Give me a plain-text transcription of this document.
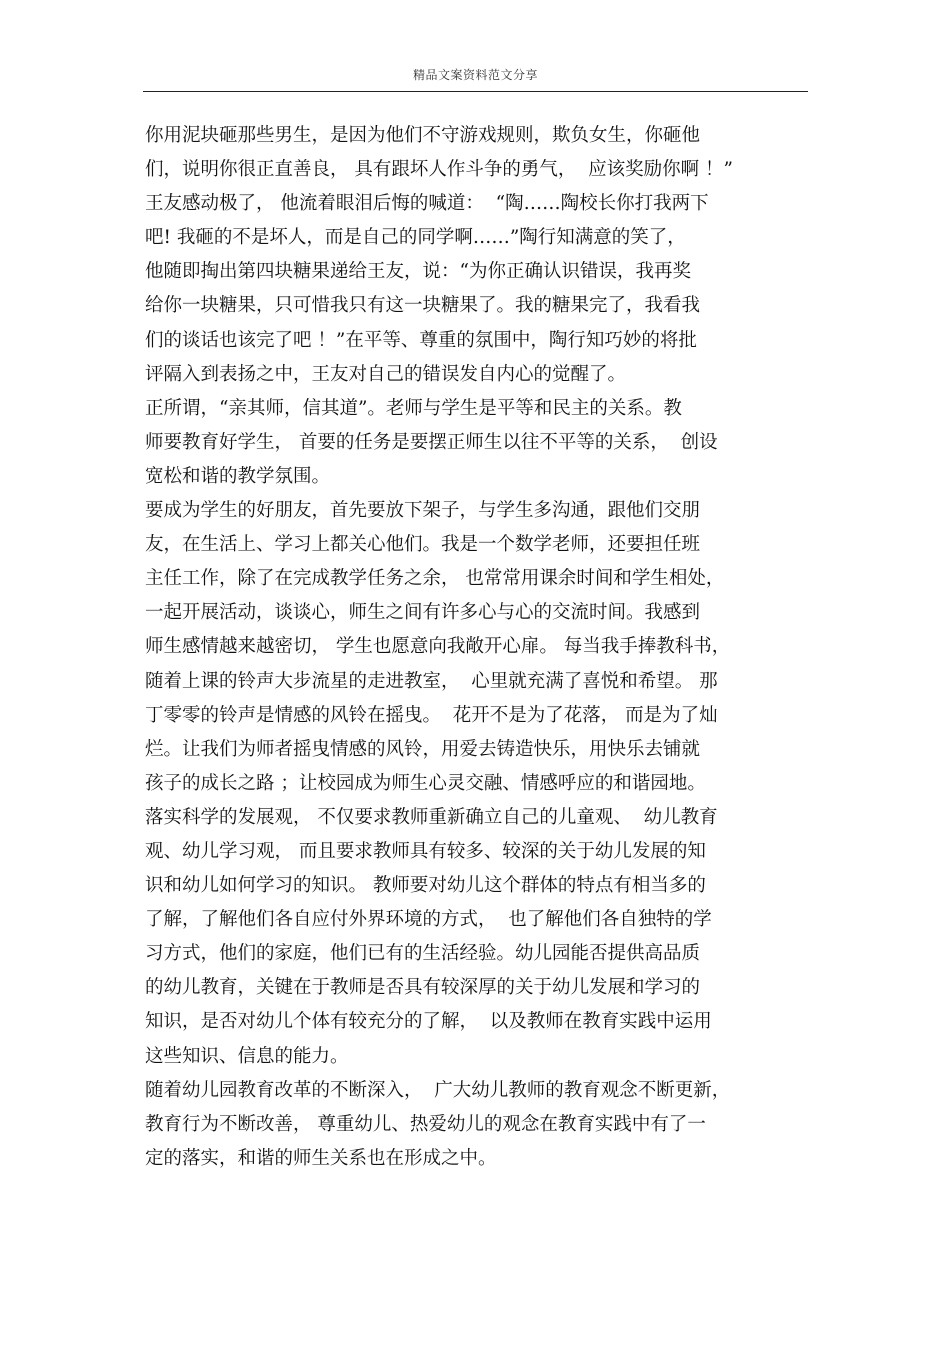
精品文案资料范文分享
你用泥块砸那些男生，是因为他们不守游戏规则，欺负女生，你砸他
们，说明你很正直善良， 具有跟坏人作斗争的勇气，  应该奖励你啊 ！”
王友感动极了， 他流着眼泪后悔的喊道：  “陶……陶校长你打我两下
吧! 我砸的不是坏人，而是自己的同学啊……”陶行知满意的笑了，
他随即掏出第四块糖果递给王友，说：“为你正确认识错误，我再奖
给你一块糖果，只可惜我只有这一块糖果了。我的糖果完了，我看我
们的谈话也该完了吧 ！”在平等、尊重的氛围中，陶行知巧妙的将批
评隔入到表扬之中，王友对自己的错误发自内心的觉醒了。
正所谓，“亲其师，信其道”。老师与学生是平等和民主的关系。教
师要教育好学生， 首要的任务是要摆正师生以往不平等的关系，  创设
宽松和谐的教学氛围。
要成为学生的好朋友，首先要放下架子，与学生多沟通，跟他们交朋
友，在生活上、学习上都关心他们。我是一个数学老师，还要担任班
主任工作，除了在完成教学任务之余， 也常常用课余时间和学生相处，
一起开展活动，谈谈心，师生之间有许多心与心的交流时间。我感到
师生感情越来越密切， 学生也愿意向我敞开心扉。 每当我手捧教科书，
随着上课的铃声大步流星的走进教室，  心里就充满了喜悦和希望。 那
丁零零的铃声是情感的风铃在摇曳。  花开不是为了花落， 而是为了灿
烂。让我们为师者摇曳情感的风铃，用爱去铸造快乐，用快乐去铺就
孩子的成长之路 ；让校园成为师生心灵交融、情感呼应的和谐园地。
落实科学的发展观， 不仅要求教师重新确立自己的儿童观、  幼儿教育
观、幼儿学习观， 而且要求教师具有较多、较深的关于幼儿发展的知
识和幼儿如何学习的知识。 教师要对幼儿这个群体的特点有相当多的
了解，了解他们各自应付外界环境的方式，  也了解他们各自独特的学
习方式，他们的家庭，他们已有的生活经验。幼儿园能否提供高品质
的幼儿教育，关键在于教师是否具有较深厚的关于幼儿发展和学习的
知识，是否对幼儿个体有较充分的了解，  以及教师在教育实践中运用
这些知识、信息的能力。
随着幼儿园教育改革的不断深入，  广大幼儿教师的教育观念不断更新，
教育行为不断改善， 尊重幼儿、热爱幼儿的观念在教育实践中有了一
定的落实，和谐的师生关系也在形成之中。
